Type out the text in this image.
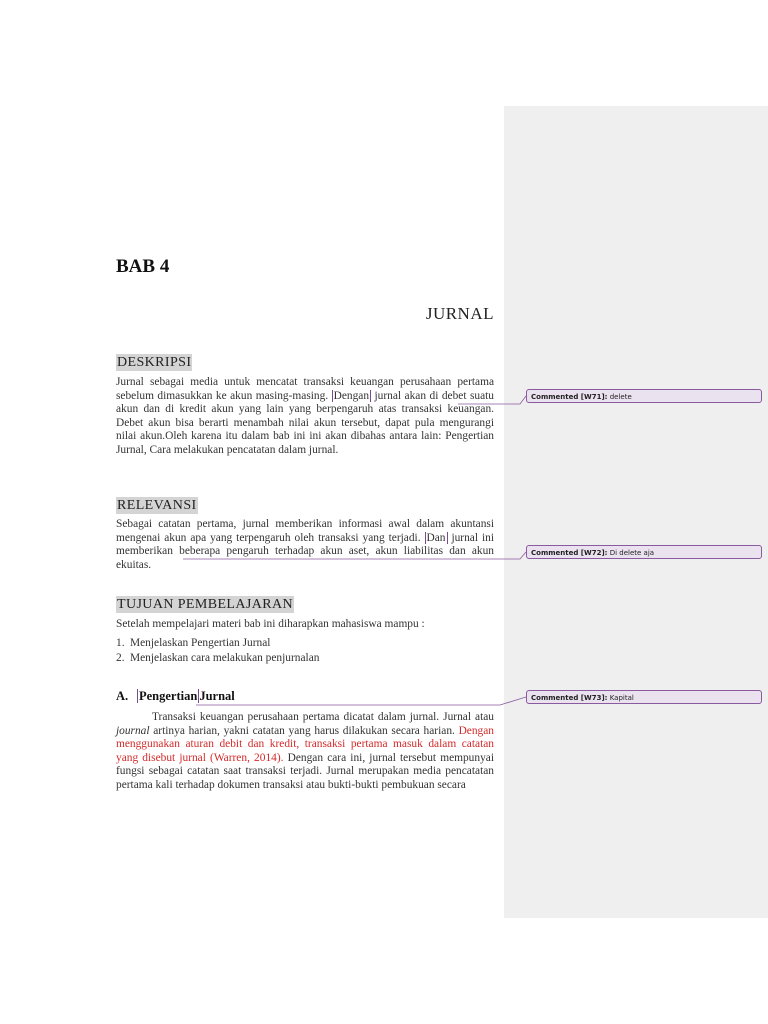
BAB 4
JURNAL
DESKRIPSI
Jurnal sebagai media untuk mencatat transaksi keuangan perusahaan pertama sebelum dimasukkan ke akun masing-masing. Dengan jurnal akan di debet suatu akun dan di kredit akun yang lain yang berpengaruh atas transaksi keuangan. Debet akun bisa berarti menambah nilai akun tersebut, dapat pula mengurangi nilai akun.Oleh karena itu dalam bab ini ini akan dibahas antara lain: Pengertian Jurnal, Cara melakukan pencatatan dalam jurnal.
RELEVANSI
Sebagai catatan pertama, jurnal memberikan informasi awal dalam akuntansi mengenai akun apa yang terpengaruh oleh transaksi yang terjadi. Dan jurnal ini memberikan beberapa pengaruh terhadap akun aset, akun liabilitas dan akun ekuitas.
TUJUAN PEMBELAJARAN
Setelah mempelajari materi bab ini diharapkan mahasiswa mampu :
1. Menjelaskan Pengertian Jurnal
2. Menjelaskan cara melakukan penjurnalan
A. Pengertian Jurnal
Transaksi keuangan perusahaan pertama dicatat dalam jurnal. Jurnal atau journal artinya harian, yakni catatan yang harus dilakukan secara harian. Dengan menggunakan aturan debit dan kredit, transaksi pertama masuk dalam catatan yang disebut jurnal (Warren, 2014). Dengan cara ini, jurnal tersebut mempunyai fungsi sebagai catatan saat transaksi terjadi. Jurnal merupakan media pencatatan pertama kali terhadap dokumen transaksi atau bukti-bukti pembukuan secara
Commented [W71]: delete
Commented [W72]: Di delete aja
Commented [W73]: Kapital
